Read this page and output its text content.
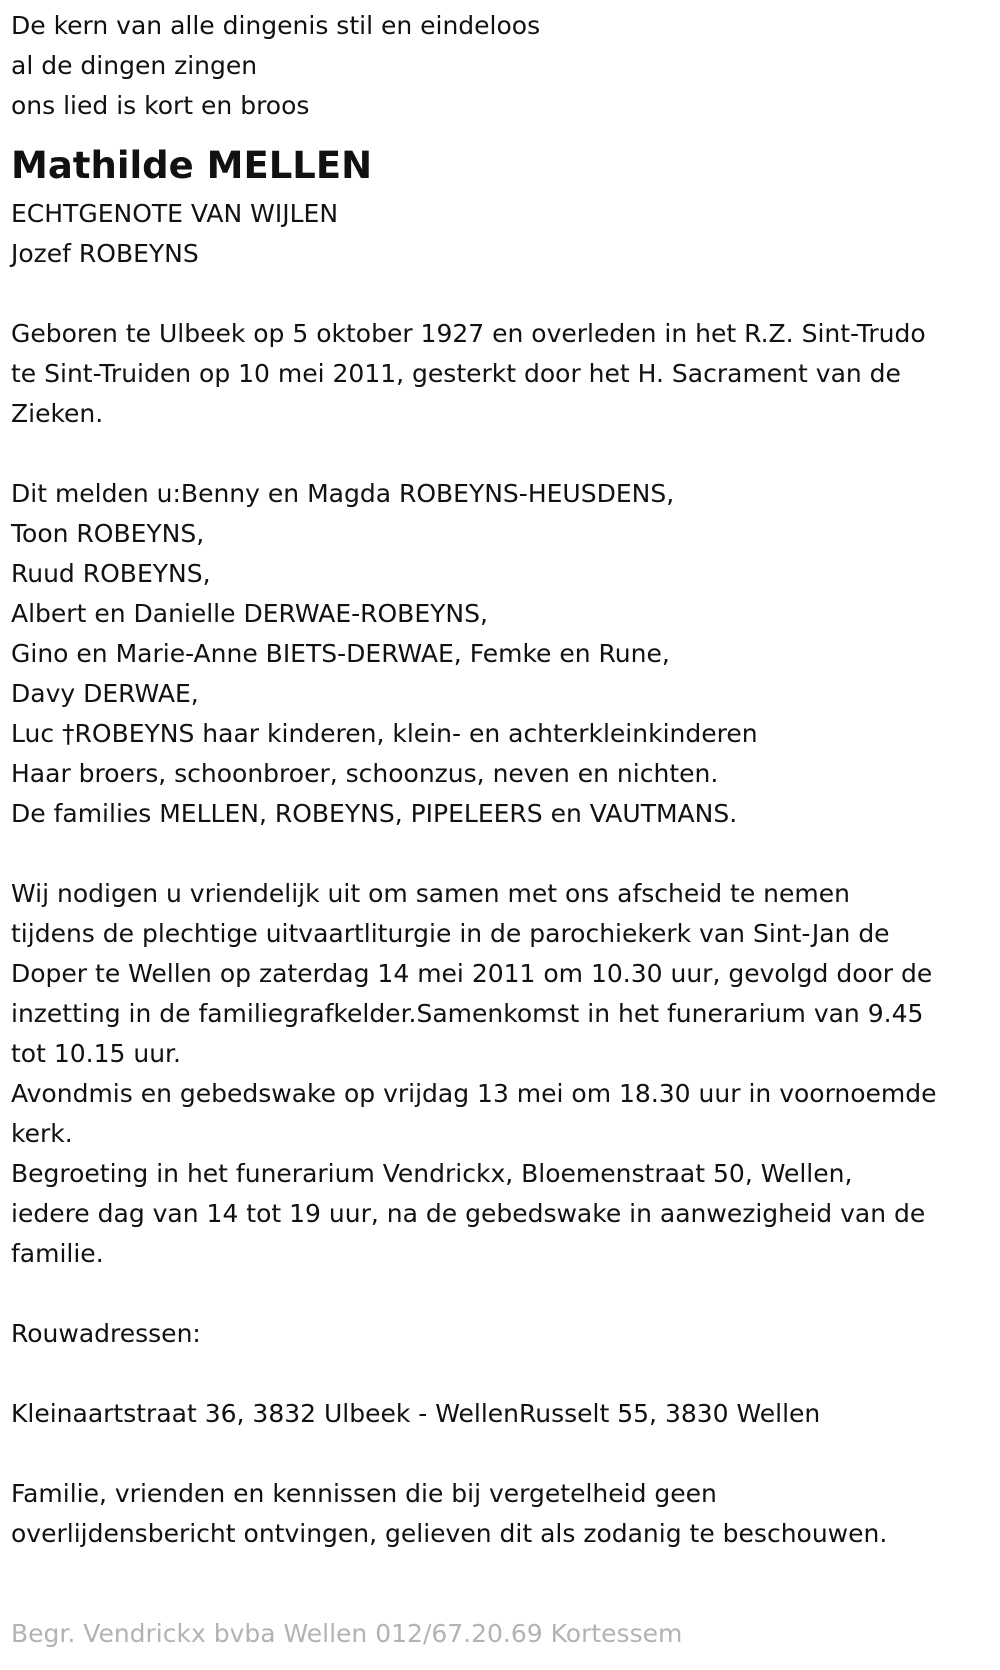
De kern van alle dingenis stil en eindeloos
al de dingen zingen
ons lied is kort en broos
Mathilde MELLEN
ECHTGENOTE VAN WIJLEN
Jozef ROBEYNS
Geboren te Ulbeek op 5 oktober 1927 en overleden in het R.Z. Sint-Trudo
te Sint-Truiden op 10 mei 2011, gesterkt door het H. Sacrament van de
Zieken.
Dit melden u:Benny en Magda ROBEYNS-HEUSDENS,
Toon ROBEYNS,
Ruud ROBEYNS,
Albert en Danielle DERWAE-ROBEYNS,
Gino en Marie-Anne BIETS-DERWAE, Femke en Rune,
Davy DERWAE,
Luc †ROBEYNS haar kinderen, klein- en achterkleinkinderen
Haar broers, schoonbroer, schoonzus, neven en nichten.
De families MELLEN, ROBEYNS, PIPELEERS en VAUTMANS.
Wij nodigen u vriendelijk uit om samen met ons afscheid te nemen
tijdens de plechtige uitvaartliturgie in de parochiekerk van Sint-Jan de
Doper te Wellen op zaterdag 14 mei 2011 om 10.30 uur, gevolgd door de
inzetting in de familiegrafkelder.Samenkomst in het funerarium van 9.45
tot 10.15 uur.
Avondmis en gebedswake op vrijdag 13 mei om 18.30 uur in voornoemde
kerk.
Begroeting in het funerarium Vendrickx, Bloemenstraat 50, Wellen,
iedere dag van 14 tot 19 uur, na de gebedswake in aanwezigheid van de
familie.
Rouwadressen:
Kleinaartstraat 36, 3832 Ulbeek - WellenRusselt 55, 3830 Wellen
Familie, vrienden en kennissen die bij vergetelheid geen
overlijdensbericht ontvingen, gelieven dit als zodanig te beschouwen.
Begr. Vendrickx bvba Wellen 012/67.20.69 Kortessem
